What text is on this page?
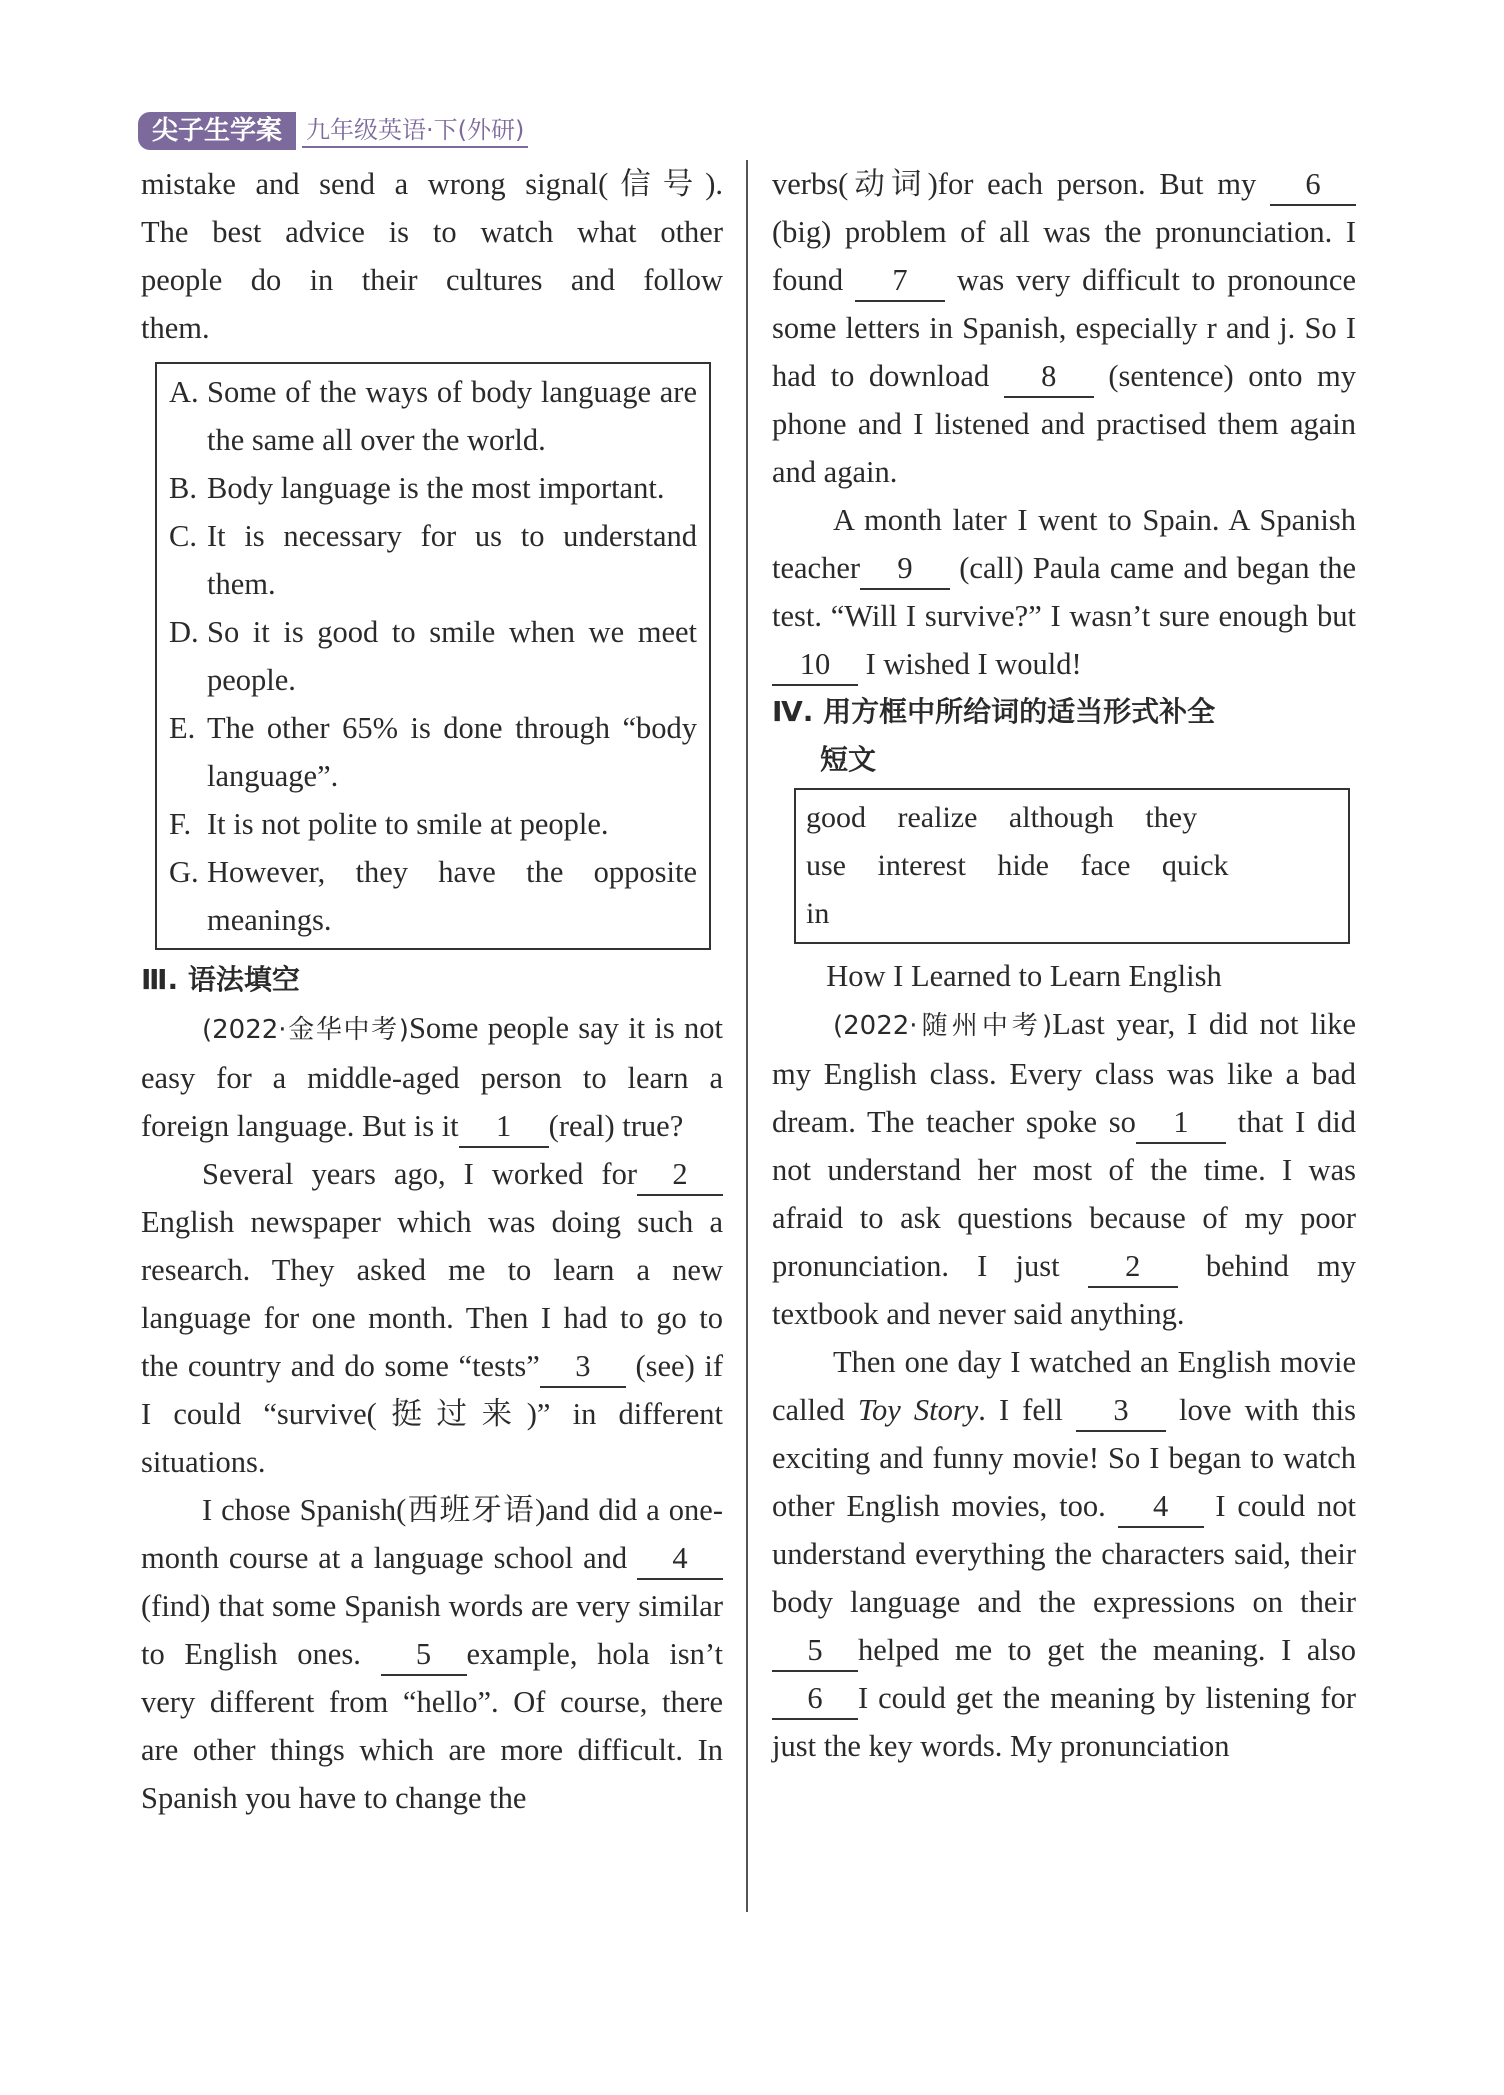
尖子生学案	九年级英语·下(外研)
mistake and send a wrong signal(信号).
The best advice is to watch what other
people do in their cultures and follow
them.
A. Some of the ways of body language are the same all over the world.
B. Body language is the most important.
C. It is necessary for us to understand them.
D. So it is good to smile when we meet people.
E. The other 65% is done through “body language”.
F. It is not polite to smile at people.
G. However, they have the opposite meanings.
Ⅲ. 语法填空

(2022·金华中考)Some people say it is not easy for a middle-aged person to learn a foreign language. But is it 1 (real) true?

Several years ago, I worked for 2 English newspaper which was doing such a research. They asked me to learn a new language for one month. Then I had to go to the country and do some “tests” 3 (see) if I could “survive(挺过来)” in different situations.

I chose Spanish(西班牙语)and did a one-month course at a language school and 4(find) that some Spanish words are very similar to English ones. 5 example, hola isn’t very different from “hello”. Of course, there are other things which are more difficult. In Spanish you have to change the

verbs(动词)for each person. But my 6 (big) problem of all was the pronunciation. I found 7 was very difficult to pronounce some letters in Spanish, especially r and j. So I had to download 8 (sentence) onto my phone and I listened and practised them again and again.

A month later I went to Spain. A Spanish teacher 9 (call) Paula came and began the test. “Will I survive?” I wasn’t sure enough but 10 I wished I would!

Ⅳ. 用方框中所给词的适当形式补全
短文
good realize although they
use interest hide face quick
in
How I Learned to Learn English

(2022·随州中考)Last year, I did not like my English class. Every class was like a bad dream. The teacher spoke so 1 that I did not understand her most of the time. I was afraid to ask questions because of my poor pronunciation. I just 2 behind my textbook and never said anything.

Then one day I watched an English movie called Toy Story. I fell 3 love with this exciting and funny movie! So I began to watch other English movies, too. 4 I could not understand everything the characters said, their body language and the expressions on their 5 helped me to get the meaning. I also 6 I could get the meaning by listening for just the key words. My pronunciation
